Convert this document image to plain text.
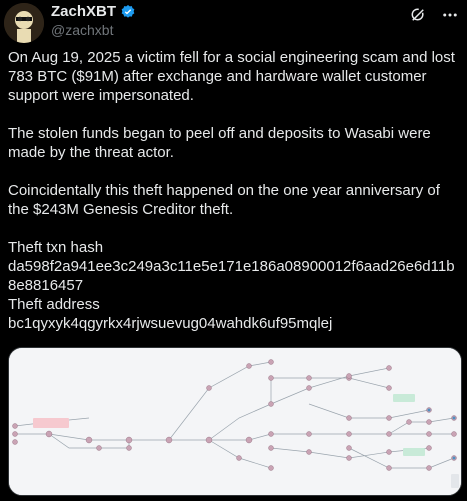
ZachXBT
@zachxbt

On Aug 19, 2025 a victim fell for a social engineering scam and lost 783 BTC ($91M) after exchange and hardware wallet customer support were impersonated.

The stolen funds began to peel off and deposits to Wasabi were made by the threat actor.

Coincidentally this theft happened on the one year anniversary of the $243M Genesis Creditor theft.

Theft txn hash

da598f2a941ee3c249a3c11e5e171e186a08900012f6aad26e6d11b8e8816457

Theft address

bc1qyxyk4qgyrkx4rjwsuevug04wahdk6uf95mqlej
